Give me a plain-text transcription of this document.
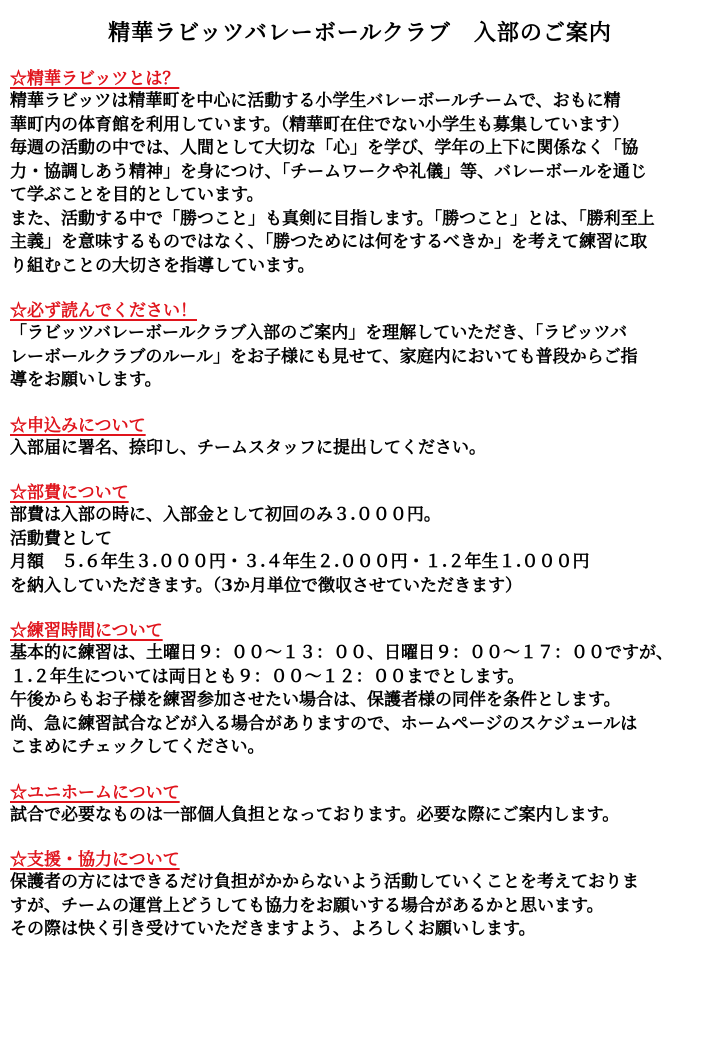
精華ラビッツバレーボールクラブ　入部のご案内
☆精華ラビッツとは？
精華ラビッツは精華町を中心に活動する小学生バレーボールチームで、おもに精
華町内の体育館を利用しています。（精華町在住でない小学生も募集しています）
毎週の活動の中では、人間として大切な「心」を学び、学年の上下に関係なく「協
力・協調しあう精神」を身につけ、「チームワークや礼儀」等、バレーボールを通じ
て学ぶことを目的としています。
また、活動する中で「勝つこと」も真剣に目指します。「勝つこと」とは、「勝利至上
主義」を意味するものではなく、「勝つためには何をするべきか」を考えて練習に取
り組むことの大切さを指導しています。
☆必ず読んでください！
「ラビッツバレーボールクラブ入部のご案内」を理解していただき、「ラビッツバ
レーボールクラブのルール」をお子様にも見せて、家庭内においても普段からご指
導をお願いします。
☆申込みについて
入部届に署名、捺印し、チームスタッフに提出してください。
☆部費について
部費は入部の時に、入部金として初回のみ３.０００円。
活動費として
月額　５.６年生３.０００円・３.４年生２.０００円・１.２年生１.０００円
を納入していただきます。（3か月単位で徴収させていただきます）
☆練習時間について
基本的に練習は、土曜日９：００～１３：００、日曜日９：００～１７：００ですが、
１.２年生については両日とも９：００～１２：００までとします。
午後からもお子様を練習参加させたい場合は、保護者様の同伴を条件とします。
尚、急に練習試合などが入る場合がありますので、ホームページのスケジュールは
こまめにチェックしてください。
☆ユニホームについて
試合で必要なものは一部個人負担となっております。必要な際にご案内します。
☆支援・協力について
保護者の方にはできるだけ負担がかからないよう活動していくことを考えておりま
すが、チームの運営上どうしても協力をお願いする場合があるかと思います。
その際は快く引き受けていただきますよう、よろしくお願いします。
